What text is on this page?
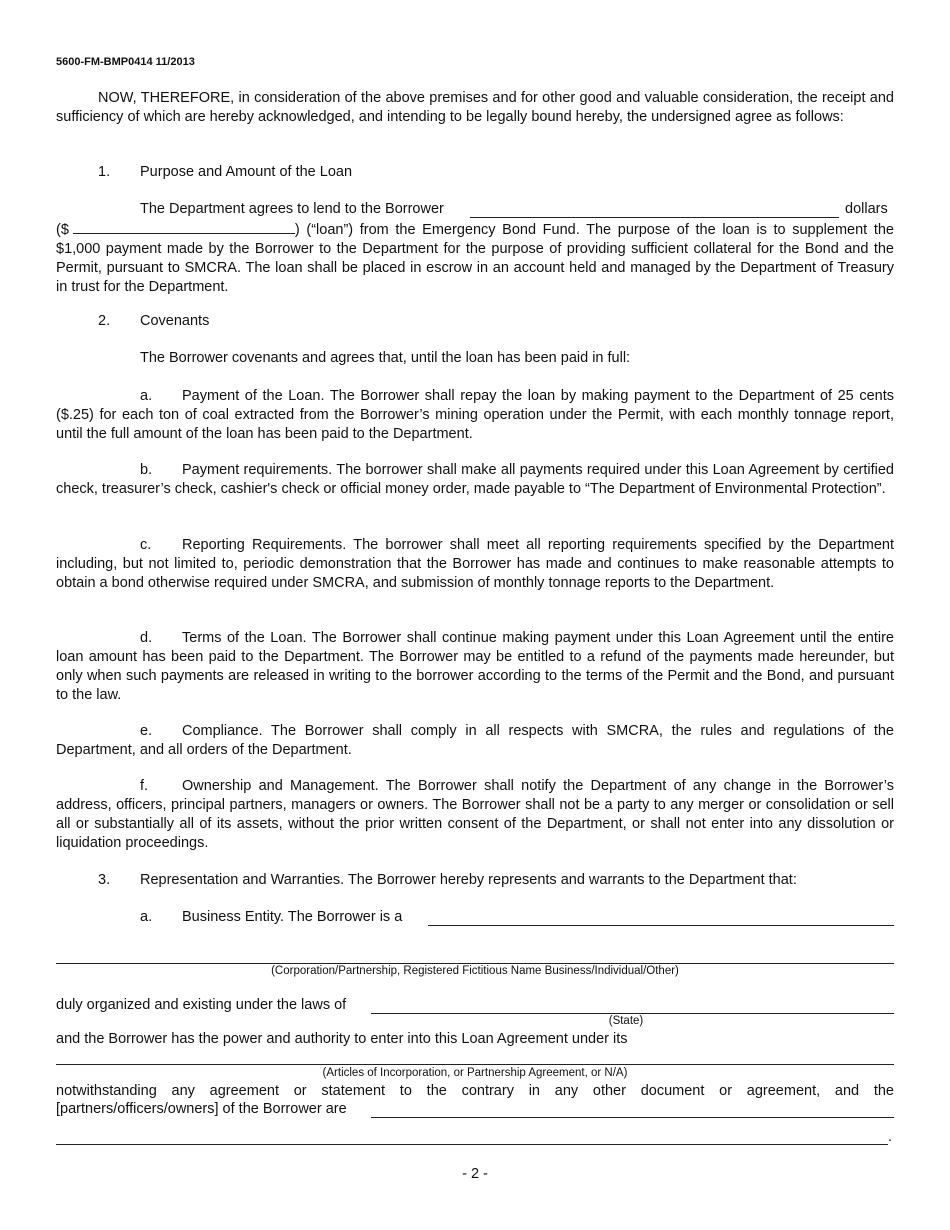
5600-FM-BMP0414 11/2013
NOW, THEREFORE, in consideration of the above premises and for other good and valuable consideration, the receipt and sufficiency of which are hereby acknowledged, and intending to be legally bound hereby, the undersigned agree as follows:
1. Purpose and Amount of the Loan
The Department agrees to lend to the Borrower	dollars
($	) (“loan”) from the Emergency Bond Fund. The purpose of the loan is to supplement the $1,000 payment made by the Borrower to the Department for the purpose of providing sufficient collateral for the Bond and the Permit, pursuant to SMCRA. The loan shall be placed in escrow in an account held and managed by the Department of Treasury in trust for the Department.
2. Covenants
The Borrower covenants and agrees that, until the loan has been paid in full:
a. Payment of the Loan. The Borrower shall repay the loan by making payment to the Department of 25 cents ($.25) for each ton of coal extracted from the Borrower’s mining operation under the Permit, with each monthly tonnage report, until the full amount of the loan has been paid to the Department.
b. Payment requirements. The borrower shall make all payments required under this Loan Agreement by certified check, treasurer’s check, cashier's check or official money order, made payable to “The Department of Environmental Protection”.
c. Reporting Requirements. The borrower shall meet all reporting requirements specified by the Department including, but not limited to, periodic demonstration that the Borrower has made and continues to make reasonable attempts to obtain a bond otherwise required under SMCRA, and submission of monthly tonnage reports to the Department.
d. Terms of the Loan. The Borrower shall continue making payment under this Loan Agreement until the entire loan amount has been paid to the Department. The Borrower may be entitled to a refund of the payments made hereunder, but only when such payments are released in writing to the borrower according to the terms of the Permit and the Bond, and pursuant to the law.
e. Compliance. The Borrower shall comply in all respects with SMCRA, the rules and regulations of the Department, and all orders of the Department.
f. Ownership and Management. The Borrower shall notify the Department of any change in the Borrower’s address, officers, principal partners, managers or owners. The Borrower shall not be a party to any merger or consolidation or sell all or substantially all of its assets, without the prior written consent of the Department, or shall not enter into any dissolution or liquidation proceedings.
3. Representation and Warranties. The Borrower hereby represents and warrants to the Department that:
a. Business Entity. The Borrower is a
(Corporation/Partnership, Registered Fictitious Name Business/Individual/Other)
duly organized and existing under the laws of
(State)
and the Borrower has the power and authority to enter into this Loan Agreement under its
(Articles of Incorporation, or Partnership Agreement, or N/A)
notwithstanding any agreement or statement to the contrary in any other document or agreement, and the
[partners/officers/owners] of the Borrower are
.
- 2 -
